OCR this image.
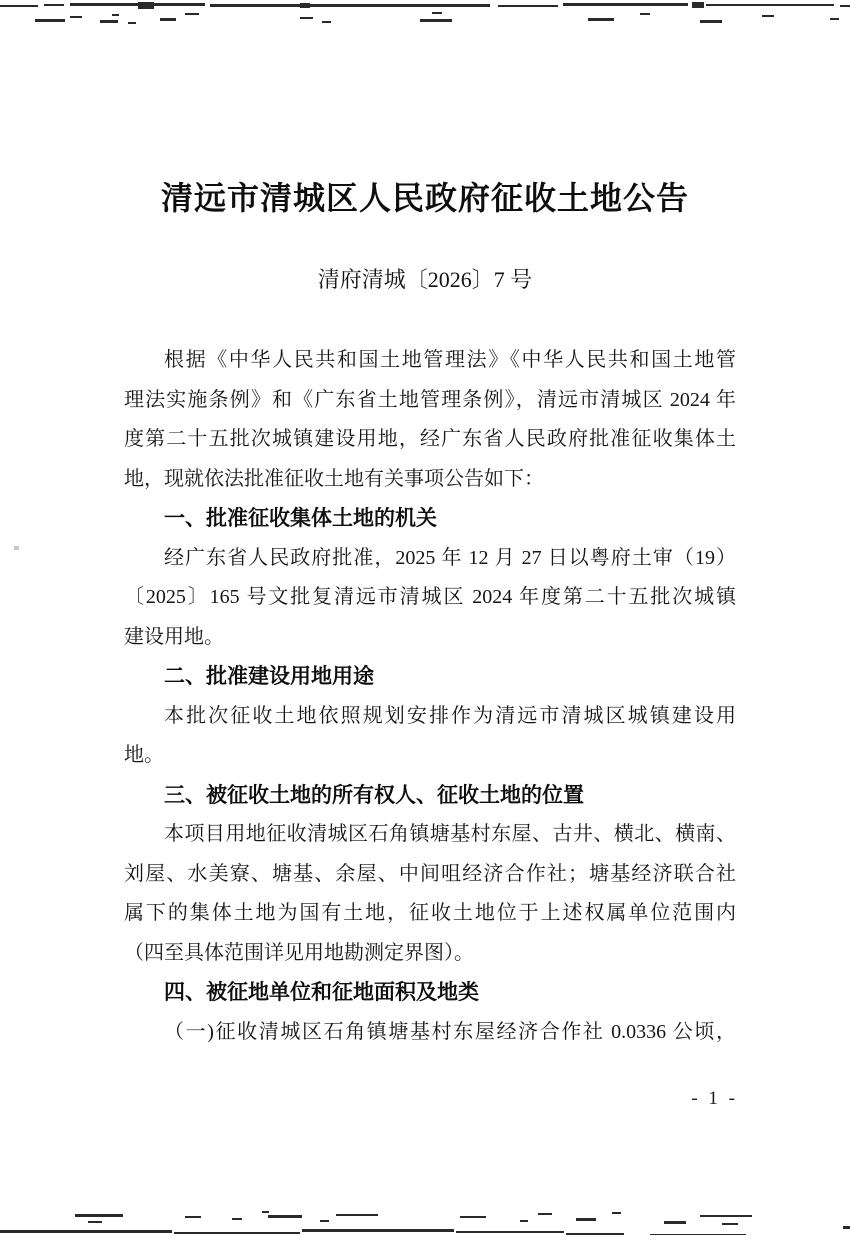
清远市清城区人民政府征收土地公告
清府清城〔2026〕7 号
根据《中华人民共和国土地管理法》《中华人民共和国土地管
理法实施条例》和《广东省土地管理条例》，清远市清城区 2024 年
度第二十五批次城镇建设用地，经广东省人民政府批准征收集体土
地，现就依法批准征收土地有关事项公告如下：
一、批准征收集体土地的机关
经广东省人民政府批准，2025 年 12 月 27 日以粤府土审（19）
〔2025〕165 号文批复清远市清城区 2024 年度第二十五批次城镇
建设用地。
二、批准建设用地用途
本批次征收土地依照规划安排作为清远市清城区城镇建设用
地。
三、被征收土地的所有权人、征收土地的位置
本项目用地征收清城区石角镇塘基村东屋、古井、横北、横南、
刘屋、水美寮、塘基、余屋、中间咀经济合作社；塘基经济联合社
属下的集体土地为国有土地，征收土地位于上述权属单位范围内
（四至具体范围详见用地勘测定界图）。
四、被征地单位和征地面积及地类
（一)征收清城区石角镇塘基村东屋经济合作社 0.0336 公顷，
- 1 -
